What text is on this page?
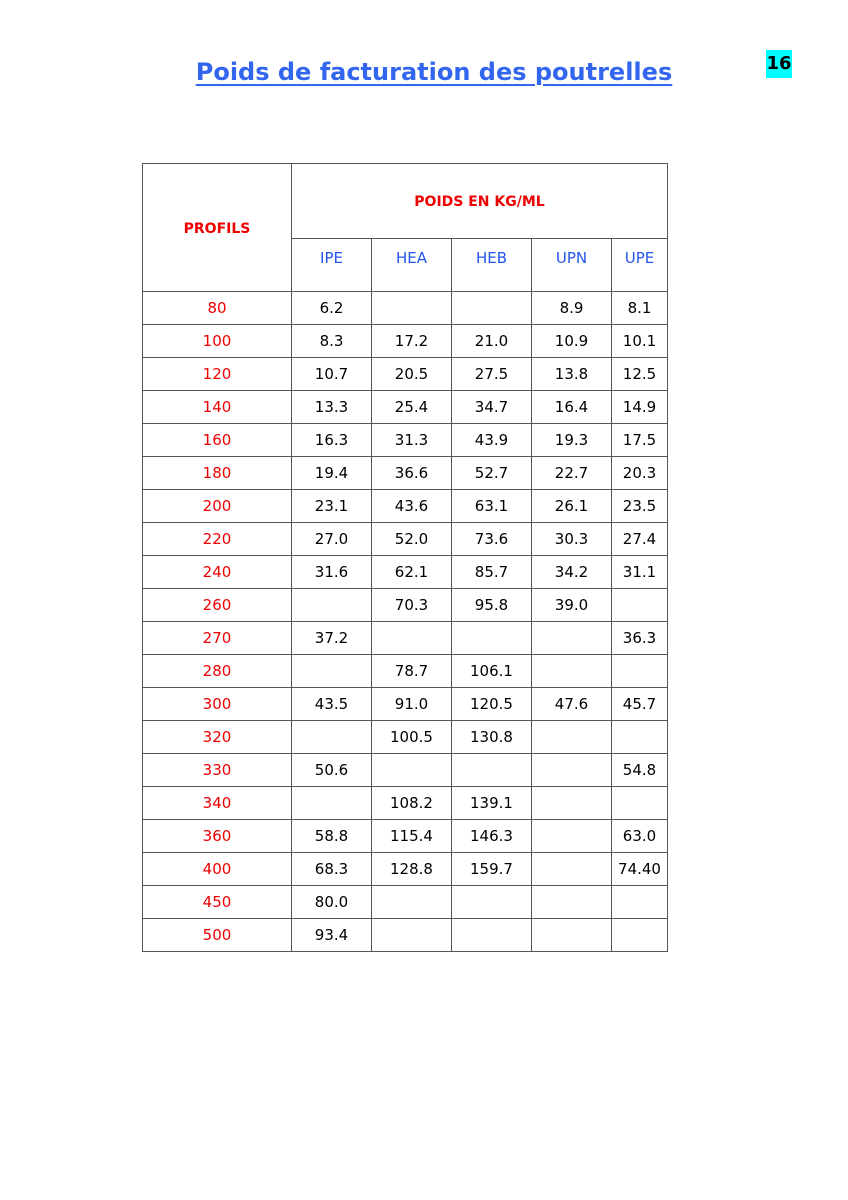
Poids de facturation des poutrelles	16
PROFILS	POIDS EN KG/ML				
	IPE	HEA	HEB	UPN	UPE
80	6.2			8.9	8.1
100	8.3	17.2	21.0	10.9	10.1
120	10.7	20.5	27.5	13.8	12.5
140	13.3	25.4	34.7	16.4	14.9
160	16.3	31.3	43.9	19.3	17.5
180	19.4	36.6	52.7	22.7	20.3
200	23.1	43.6	63.1	26.1	23.5
220	27.0	52.0	73.6	30.3	27.4
240	31.6	62.1	85.7	34.2	31.1
260		70.3	95.8	39.0	
270	37.2				36.3
280		78.7	106.1		
300	43.5	91.0	120.5	47.6	45.7
320		100.5	130.8		
330	50.6				54.8
340		108.2	139.1		
360	58.8	115.4	146.3		63.0
400	68.3	128.8	159.7		74.40
450	80.0				
500	93.4				
